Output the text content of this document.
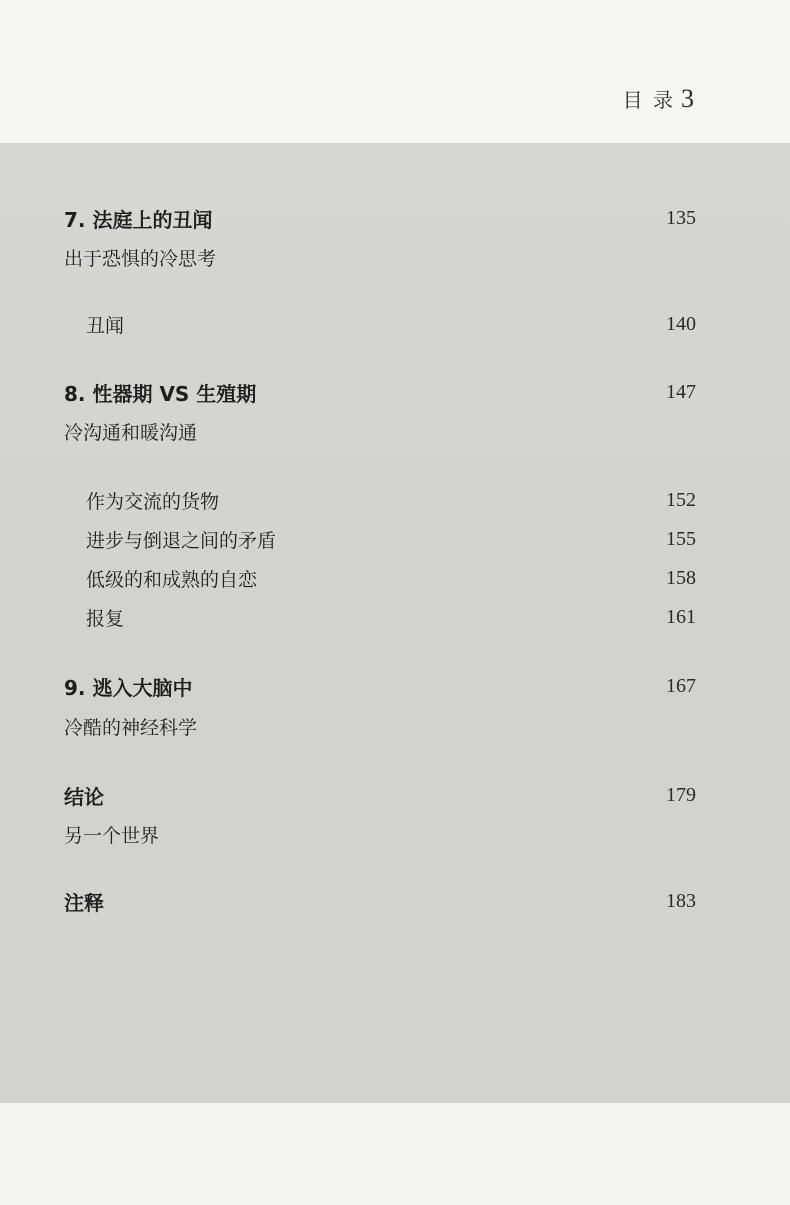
目 录 3
7. 法庭上的丑闻	135
出于恐惧的冷思考
丑闻	140
8. 性器期 VS 生殖期	147
冷沟通和暖沟通
作为交流的货物	152
进步与倒退之间的矛盾	155
低级的和成熟的自恋	158
报复	161
9. 逃入大脑中	167
冷酷的神经科学
结论	179
另一个世界
注释	183
